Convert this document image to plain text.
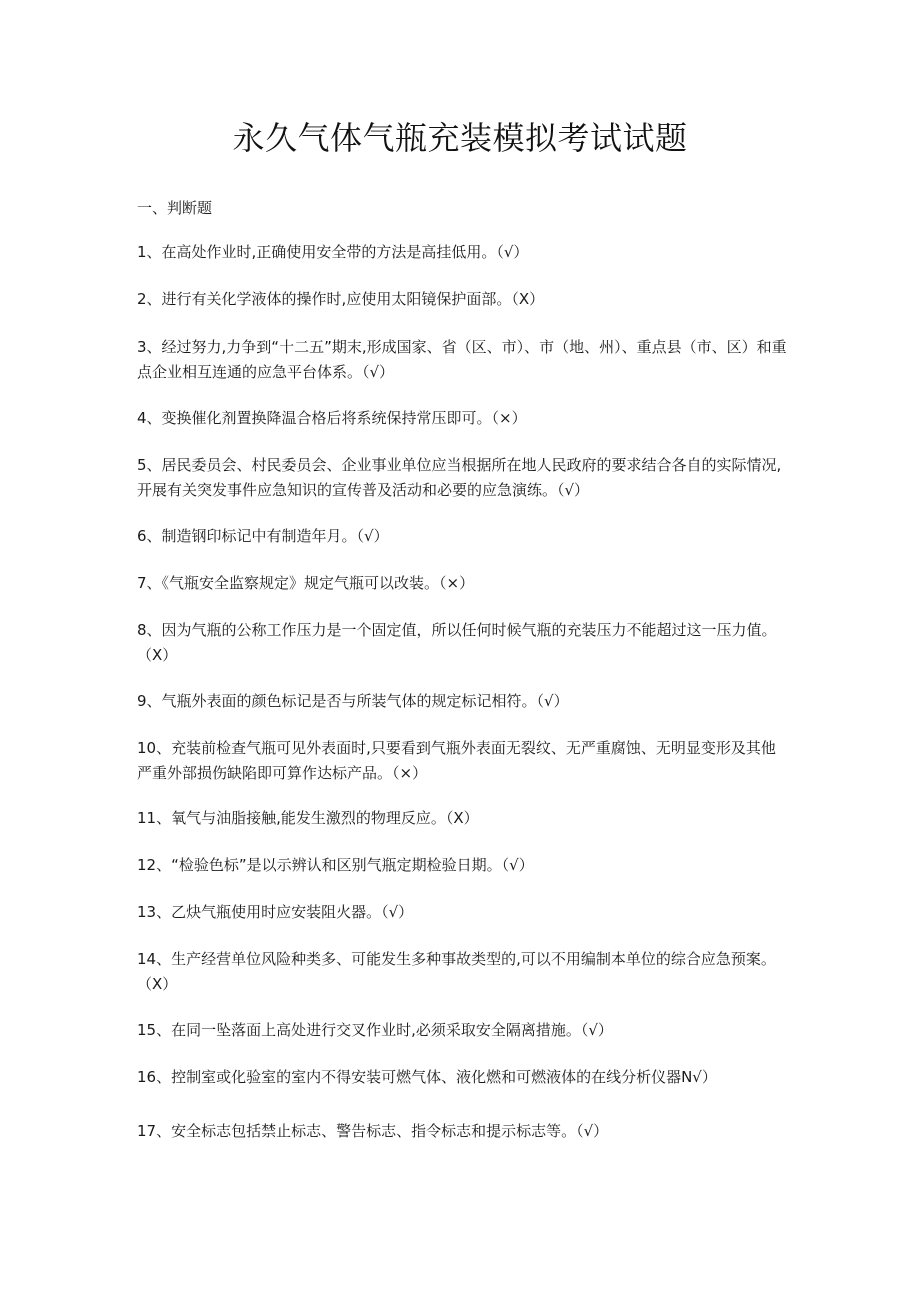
永久气体气瓶充装模拟考试试题
一、判断题
1、在高处作业时,正确使用安全带的方法是高挂低用。（√）
2、进行有关化学液体的操作时,应使用太阳镜保护面部。（X）
3、经过努力,力争到“十二五”期末,形成国家、省（区、市）、市（地、州）、重点县（市、区）和重点企业相互连通的应急平台体系。（√）
4、变换催化剂置换降温合格后将系统保持常压即可。（×）
5、居民委员会、村民委员会、企业事业单位应当根据所在地人民政府的要求结合各自的实际情况,开展有关突发事件应急知识的宣传普及活动和必要的应急演练。（√）
6、制造钢印标记中有制造年月。（√）
7、《气瓶安全监察规定》规定气瓶可以改装。（×）
8、因为气瓶的公称工作压力是一个固定值，所以任何时候气瓶的充装压力不能超过这一压力值。（X）
9、气瓶外表面的颜色标记是否与所装气体的规定标记相符。（√）
10、充装前检查气瓶可见外表面时,只要看到气瓶外表面无裂纹、无严重腐蚀、无明显变形及其他严重外部损伤缺陷即可算作达标产品。（×）
11、氧气与油脂接触,能发生激烈的物理反应。（X）
12、“检验色标”是以示辨认和区别气瓶定期检验日期。（√）
13、乙炔气瓶使用时应安装阻火器。（√）
14、生产经营单位风险种类多、可能发生多种事故类型的,可以不用编制本单位的综合应急预案。（X）
15、在同一坠落面上高处进行交叉作业时,必须采取安全隔离措施。（√）
16、控制室或化验室的室内不得安装可燃气体、液化燃和可燃液体的在线分析仪器N√）
17、安全标志包括禁止标志、警告标志、指令标志和提示标志等。（√）
